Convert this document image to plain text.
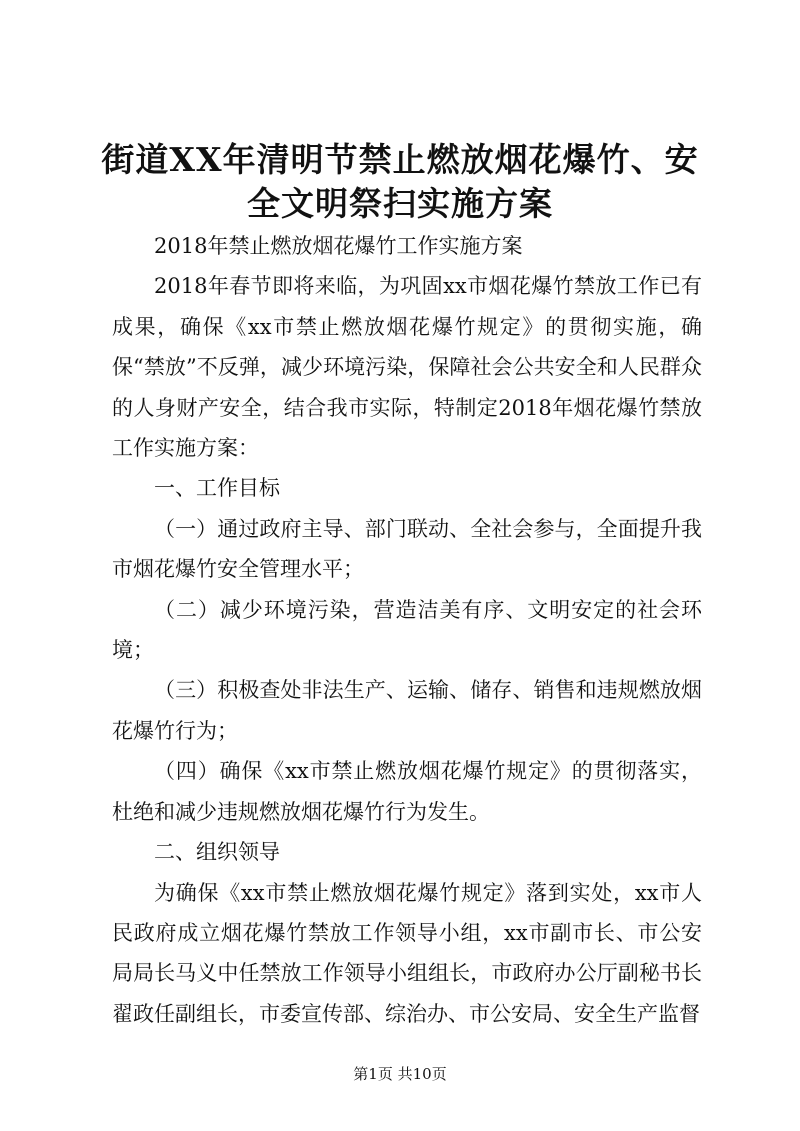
街道XX年清明节禁止燃放烟花爆竹、安全文明祭扫实施方案

2018年禁止燃放烟花爆竹工作实施方案

2018年春节即将来临，为巩固xx市烟花爆竹禁放工作已有成果，确保《xx市禁止燃放烟花爆竹规定》的贯彻实施，确保“禁放”不反弹，减少环境污染，保障社会公共安全和人民群众的人身财产安全，结合我市实际，特制定2018年烟花爆竹禁放工作实施方案：

一、工作目标

（一）通过政府主导、部门联动、全社会参与，全面提升我市烟花爆竹安全管理水平；

（二）减少环境污染，营造洁美有序、文明安定的社会环境；

（三）积极查处非法生产、运输、储存、销售和违规燃放烟花爆竹行为；

（四）确保《xx市禁止燃放烟花爆竹规定》的贯彻落实，杜绝和减少违规燃放烟花爆竹行为发生。

二、组织领导

为确保《xx市禁止燃放烟花爆竹规定》落到实处，xx市人民政府成立烟花爆竹禁放工作领导小组，xx市副市长、市公安局局长马义中任禁放工作领导小组组长，市政府办公厅副秘书长翟政任副组长，市委宣传部、综治办、市公安局、安全生产监督

第1页 共10页
